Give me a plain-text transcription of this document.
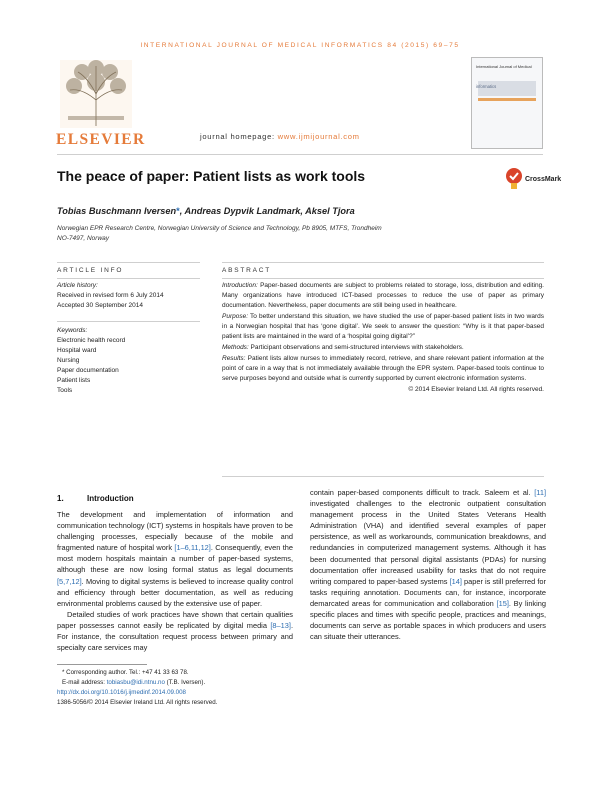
INTERNATIONAL JOURNAL OF MEDICAL INFORMATICS 84 (2015) 69–75
ELSEVIER	journal homepage: www.ijmijournal.com
International Journal of Medical
informatics
The peace of paper: Patient lists as work tools	CrossMark
Tobias Buschmann Iversen*, Andreas Dypvik Landmark, Aksel Tjora
Norwegian EPR Research Centre, Norwegian University of Science and Technology, Pb 8905, MTFS, Trondheim
NO-7497, Norway
ARTICLE INFO	ABSTRACT
Article history:
Received in revised form 6 July 2014
Accepted 30 September 2014
Keywords:
Electronic health record
Hospital ward
Nursing
Paper documentation
Patient lists
Tools

Introduction: Paper-based documents are subject to problems related to storage, loss, distribution and editing. Many organizations have introduced ICT-based processes to reduce the use of paper as primary documentation. Nevertheless, paper documents are still being used in healthcare.

Purpose: To better understand this situation, we have studied the use of paper-based patient lists in two wards in a Norwegian hospital that has ‘gone digital’. We seek to answer the question: “Why is it that paper-based patient lists are maintained in the ward of a ‘hospital going digital’?”

Methods: Participant observations and semi-structured interviews with stakeholders.

Results: Patient lists allow nurses to immediately record, retrieve, and share relevant patient information at the point of care in a way that is not immediately available through the EPR system. Paper-based tools continue to serve purposes beyond and outside what is currently supported by current electronic information systems.

© 2014 Elsevier Ireland Ltd. All rights reserved.

1.	Introduction

The development and implementation of information and communication technology (ICT) systems in hospitals have proven to be challenging processes, especially because of the mobile and fragmented nature of hospital work [1–6,11,12]. Consequently, even the most modern hospitals maintain a number of paper-based systems, although these are now losing formal status as legal documents [5,7,12]. Moving to digital systems is believed to increase quality control and efficiency through better documentation, as well as reducing environmental problems caused by the extensive use of paper.

Detailed studies of work practices have shown that certain qualities paper possesses cannot easily be replicated by digital media [8–13]. For instance, the consultation request process between primary and specialty care services may

contain paper-based components difficult to track. Saleem et al. [11] investigated challenges to the electronic outpatient consultation management process in the United States Veterans Health Administration (VHA) and identified several examples of paper persistence, as well as workarounds, communication breakdowns, and redundancies in computerized management systems. Although it has been documented that personal digital assistants (PDAs) for nursing documentation offer increased usability for tasks that do not require writing compared to paper-based systems [14] paper is still preferred for tasks requiring annotation. Documents can, for instance, incorporate demarcated areas for communication and collaboration [15]. By linking specific places and times with specific people, practices and meanings, documents can serve as portable spaces in which producers and users can situate their utterances.

* Corresponding author. Tel.: +47 41 33 63 78.
E-mail address: tobiasbu@idi.ntnu.no (T.B. Iversen).
http://dx.doi.org/10.1016/j.ijmedinf.2014.09.008
1386-5056/© 2014 Elsevier Ireland Ltd. All rights reserved.
